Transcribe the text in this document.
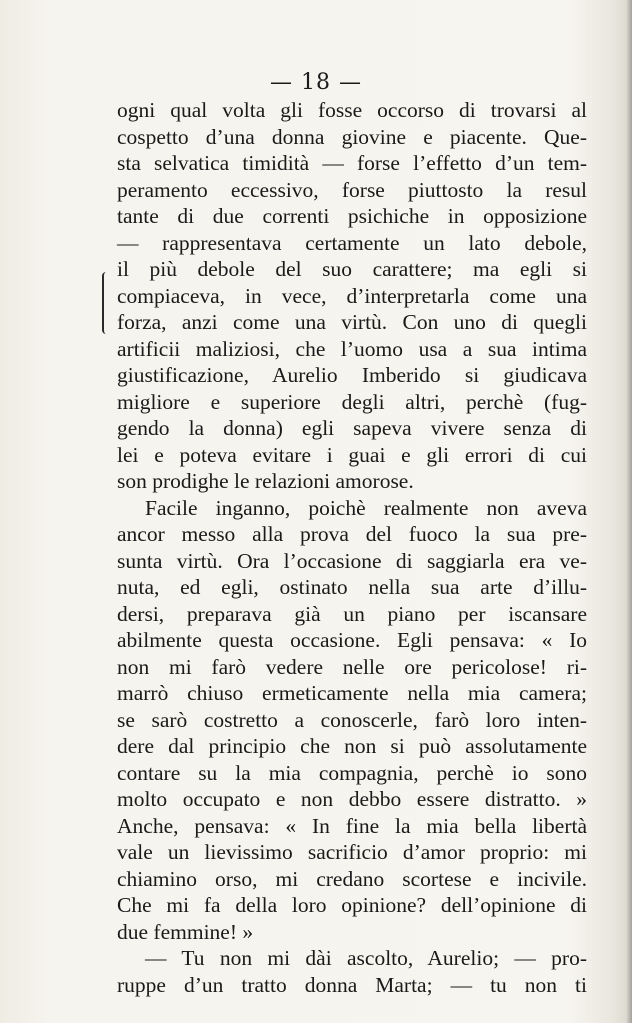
— 18 —
ogni qual volta gli fosse occorso di trovarsi al
cospetto d’una donna giovine e piacente. Que-
sta selvatica timidità — forse l’effetto d’un tem-
peramento eccessivo, forse piuttosto la resul
tante di due correnti psichiche in opposizione
— rappresentava certamente un lato debole,
il più debole del suo carattere; ma egli si
compiaceva, in vece, d’interpretarla come una
forza, anzi come una virtù. Con uno di quegli
artificii maliziosi, che l’uomo usa a sua intima
giustificazione, Aurelio Imberido si giudicava
migliore e superiore degli altri, perchè (fug-
gendo la donna) egli sapeva vivere senza di
lei e poteva evitare i guai e gli errori di cui
son prodighe le relazioni amorose.
Facile inganno, poichè realmente non aveva
ancor messo alla prova del fuoco la sua pre-
sunta virtù. Ora l’occasione di saggiarla era ve-
nuta, ed egli, ostinato nella sua arte d’illu-
dersi, preparava già un piano per iscansare
abilmente questa occasione. Egli pensava: « Io
non mi farò vedere nelle ore pericolose! ri-
marrò chiuso ermeticamente nella mia camera;
se sarò costretto a conoscerle, farò loro inten-
dere dal principio che non si può assolutamente
contare su la mia compagnia, perchè io sono
molto occupato e non debbo essere distratto. »
Anche, pensava: « In fine la mia bella libertà
vale un lievissimo sacrificio d’amor proprio: mi
chiamino orso, mi credano scortese e incivile.
Che mi fa della loro opinione? dell’opinione di
due femmine! »
— Tu non mi dài ascolto, Aurelio; — pro-
ruppe d’un tratto donna Marta; — tu non ti
